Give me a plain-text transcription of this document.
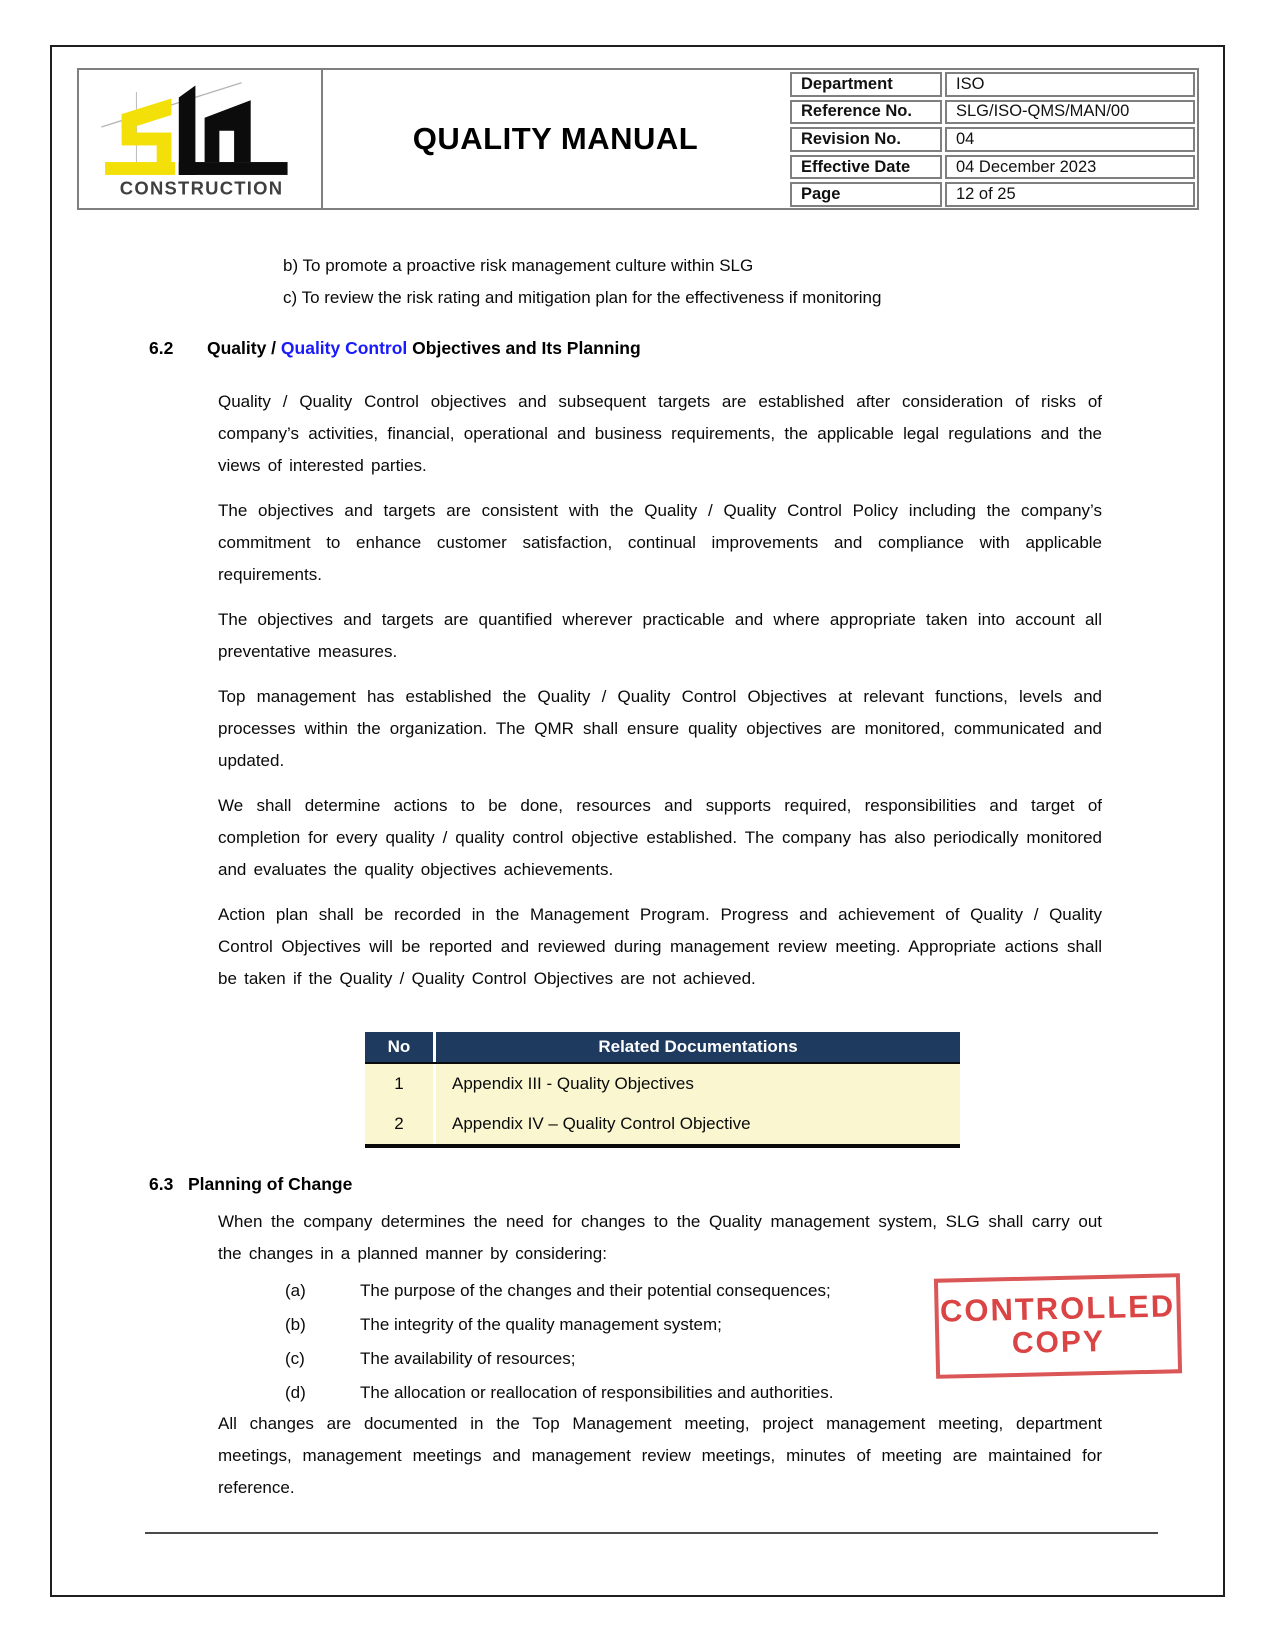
CONSTRUCTION
QUALITY MANUAL
Department	ISO
Reference No.	SLG/ISO-QMS/MAN/00
Revision No.	04
Effective Date	04 December 2023
Page	12 of 25
b) To promote a proactive risk management culture within SLG
c) To review the risk rating and mitigation plan for the effectiveness if monitoring
6.2 Quality / Quality Control Objectives and Its Planning

Quality / Quality Control objectives and subsequent targets are established after consideration of risks of company’s activities, financial, operational and business requirements, the applicable legal regulations and the views of interested parties.

The objectives and targets are consistent with the Quality / Quality Control Policy including the company’s commitment to enhance customer satisfaction, continual improvements and compliance with applicable requirements.

The objectives and targets are quantified wherever practicable and where appropriate taken into account all preventative measures.

Top management has established the Quality / Quality Control Objectives at relevant functions, levels and processes within the organization. The QMR shall ensure quality objectives are monitored, communicated and updated.

We shall determine actions to be done, resources and supports required, responsibilities and target of completion for every quality / quality control objective established. The company has also periodically monitored and evaluates the quality objectives achievements.

Action plan shall be recorded in the Management Program. Progress and achievement of Quality / Quality Control Objectives will be reported and reviewed during management review meeting. Appropriate actions shall be taken if the Quality / Quality Control Objectives are not achieved.

No	Related Documentations
1	Appendix III - Quality Objectives
2	Appendix IV – Quality Control Objective
6.3 Planning of Change

When the company determines the need for changes to the Quality management system, SLG shall carry out the changes in a planned manner by considering:

(a)	The purpose of the changes and their potential consequences;
(b)	The integrity of the quality management system;
(c)	The availability of resources;
(d)	The allocation or reallocation of responsibilities and authorities.

All changes are documented in the Top Management meeting, project management meeting, department meetings, management meetings and management review meetings, minutes of meeting are maintained for reference.

CONTROLLED
COPY
